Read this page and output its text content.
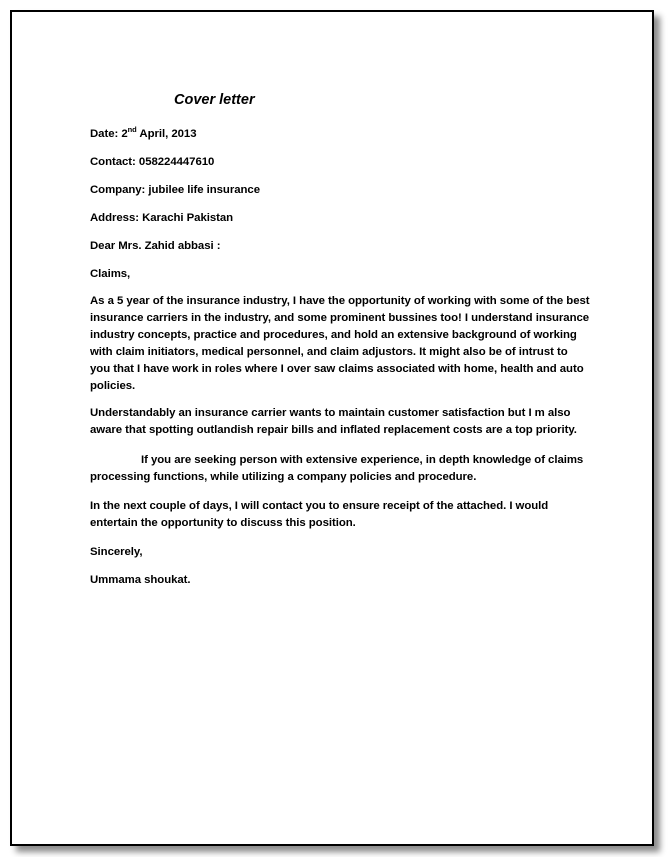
Cover letter
Date: 2nd April, 2013
Contact: 058224447610
Company: jubilee life insurance
Address: Karachi Pakistan
Dear Mrs. Zahid abbasi :
Claims,
As a 5 year of the insurance industry, I have the opportunity of working with some of the best
insurance carriers in the industry, and some prominent bussines too! I understand insurance
industry concepts, practice and procedures, and hold an extensive background of working
with claim initiators, medical personnel, and claim adjustors. It might also be of intrust to
you that I have work in roles where I over saw claims associated with home, health and auto
policies.
Understandably an insurance carrier wants to maintain customer satisfaction but I m also
aware that spotting outlandish repair bills and inflated replacement costs are a top priority.
If you are seeking person with extensive experience, in depth knowledge of claims
processing functions, while utilizing a company policies and procedure.
In the next couple of days, I will contact you to ensure receipt of the attached. I would
entertain the opportunity to discuss this position.
Sincerely,
Ummama shoukat.
